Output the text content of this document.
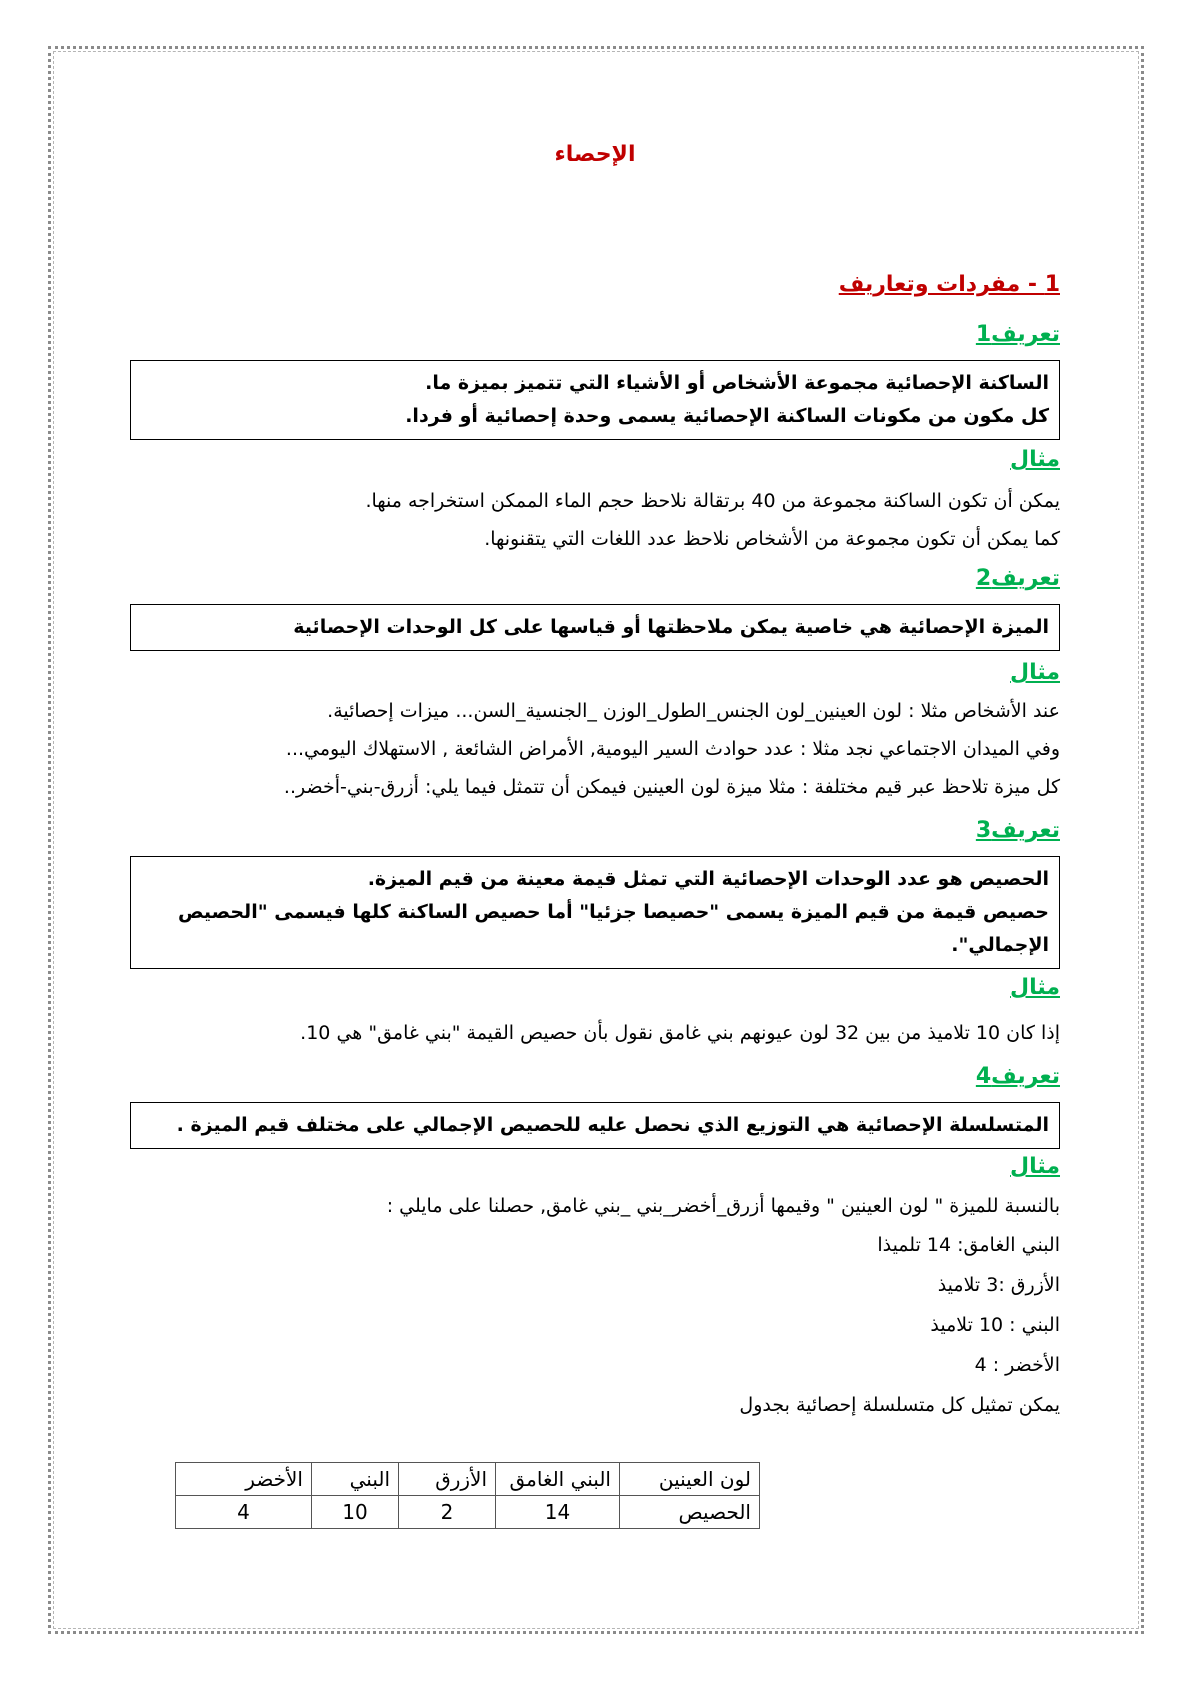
الإحصاء
1 - مفردات وتعاريف
تعريف1

الساكنة الإحصائية مجموعة الأشخاص أو الأشياء التي تتميز بميزة ما.

كل مكون من مكونات الساكنة الإحصائية يسمى وحدة إحصائية أو فردا.

مثال

يمكن أن تكون الساكنة مجموعة من 40 برتقالة نلاحظ حجم الماء الممكن استخراجه منها.

كما يمكن أن تكون مجموعة من الأشخاص نلاحظ عدد اللغات التي يتقنونها.

تعريف2

الميزة الإحصائية هي خاصية يمكن ملاحظتها أو قياسها على كل الوحدات الإحصائية

مثال

عند الأشخاص مثلا : لون العينين_لون الجنس_الطول_الوزن _الجنسية_السن... ميزات إحصائية.

وفي الميدان الاجتماعي نجد مثلا : عدد حوادث السير اليومية, الأمراض الشائعة , الاستهلاك اليومي...

كل ميزة تلاحظ عبر قيم مختلفة : مثلا ميزة لون العينين فيمكن أن تتمثل فيما يلي: أزرق-بني-أخضر..

تعريف3

الحصيص هو عدد الوحدات الإحصائية التي تمثل قيمة معينة من قيم الميزة.

حصيص قيمة من قيم الميزة يسمى "حصيصا جزئيا" أما حصيص الساكنة كلها فيسمى "الحصيص الإجمالي".

مثال

إذا كان 10 تلاميذ من بين 32 لون عيونهم بني غامق نقول بأن حصيص القيمة "بني غامق" هي 10.

تعريف4

المتسلسلة الإحصائية هي التوزيع الذي نحصل عليه للحصيص الإجمالي على مختلف قيم الميزة .

مثال

بالنسبة للميزة " لون العينين " وقيمها أزرق_أخضر_بني _بني غامق, حصلنا على مايلي :

البني الغامق: 14 تلميذا

الأزرق :3 تلاميذ

البني : 10 تلاميذ

الأخضر : 4

يمكن تمثيل كل متسلسلة إحصائية بجدول

لون العينين	البني الغامق	الأزرق	البني	الأخضر
الحصيص	14	2	10	4
